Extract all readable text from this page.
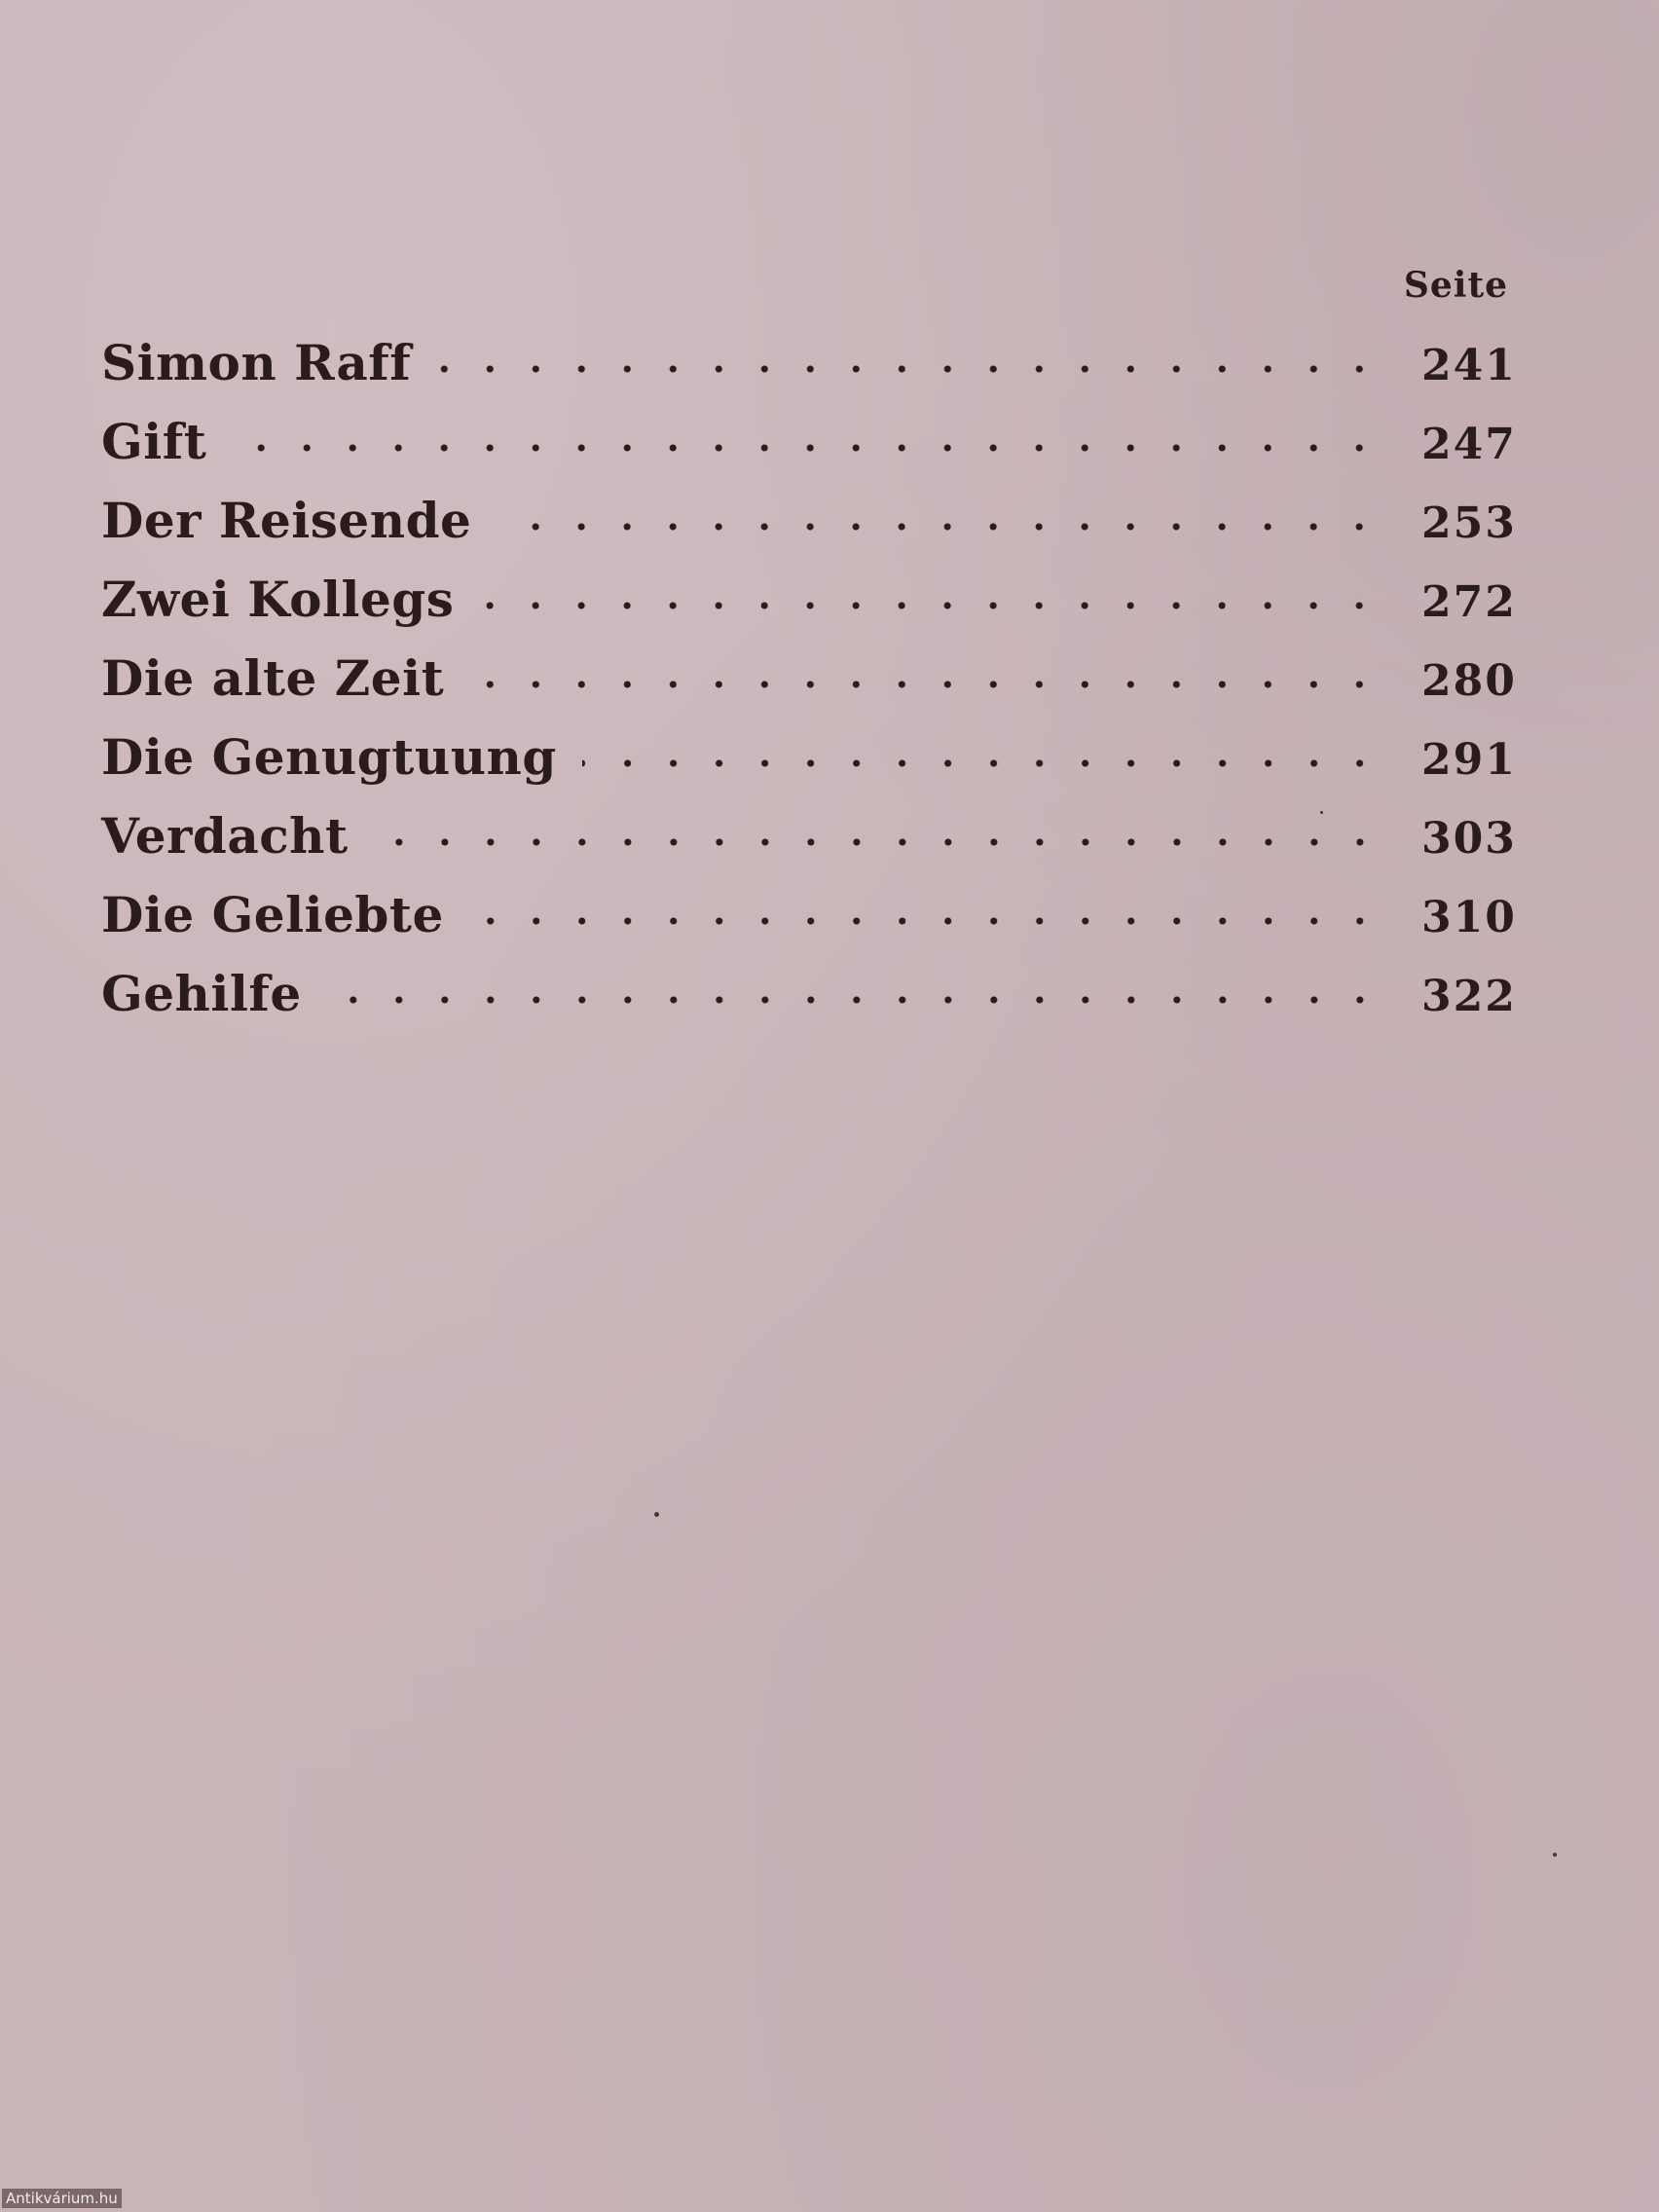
Seite
Simon Raff	241
Gift	247
Der Reisende	253
Zwei Kollegs	272
Die alte Zeit	280
Die Genugtuung	291
Verdacht	303
Die Geliebte	310
Gehilfe	322
Antikvárium.hu
